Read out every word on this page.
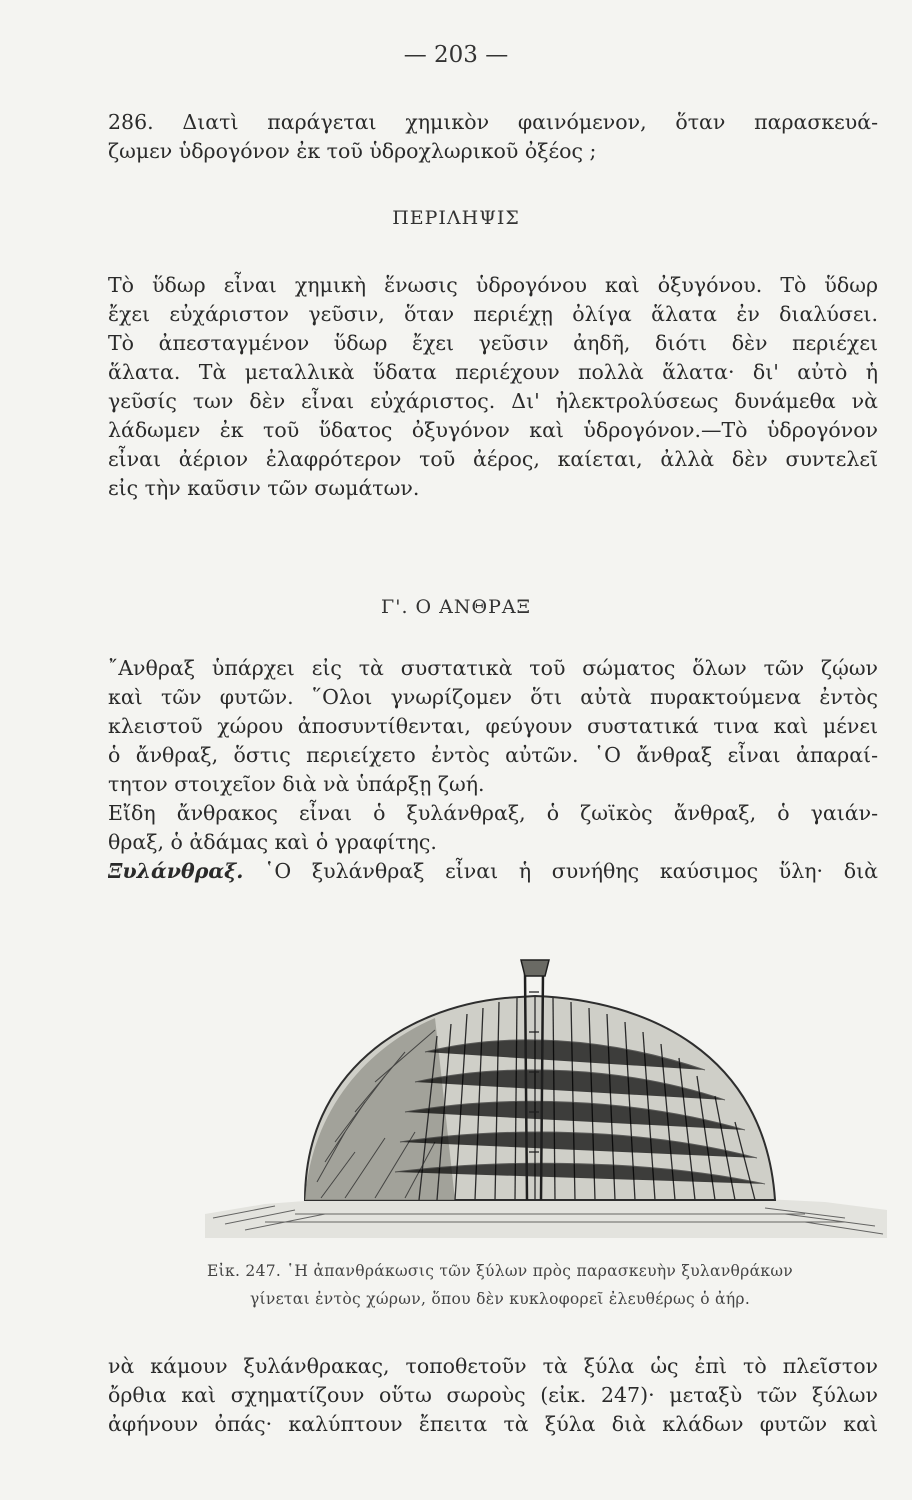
— 203 —
286. Διατὶ παράγεται χημικὸν φαινόμενον, ὅταν παρασκευά-
ζωμεν ὑδρογόνον ἐκ τοῦ ὑδροχλωρικοῦ ὀξέος ;
ΠΕΡΙΛΗΨΙΣ
Τὸ ὕδωρ εἶναι χημικὴ ἕνωσις ὑδρογόνου καὶ ὀξυγόνου. Τὸ ὕδωρ
ἔχει εὐχάριστον γεῦσιν, ὅταν περιέχῃ ὀλίγα ἅλατα ἐν διαλύσει.
Τὸ ἀπεσταγμένον ὕδωρ ἔχει γεῦσιν ἀηδῆ, διότι δὲν περιέχει
ἅλατα. Τὰ μεταλλικὰ ὕδατα περιέχουν πολλὰ ἅλατα· δι' αὐτὸ ἡ
γεῦσίς των δὲν εἶναι εὐχάριστος. Δι' ἠλεκτρολύσεως δυνάμεθα νὰ
λάδωμεν ἐκ τοῦ ὕδατος ὀξυγόνον καὶ ὑδρογόνον.—Τὸ ὑδρογόνον
εἶναι ἀέριον ἐλαφρότερον τοῦ ἀέρος, καίεται, ἀλλὰ δὲν συντελεῖ
εἰς τὴν καῦσιν τῶν σωμάτων.
Γ'. Ο ΑΝΘΡΑΞ
῎Ανθραξ ὑπάρχει εἰς τὰ συστατικὰ τοῦ σώματος ὅλων τῶν ζῴων
καὶ τῶν φυτῶν. ῞Ολοι γνωρίζομεν ὅτι αὐτὰ πυρακτούμενα ἐντὸς
κλειστοῦ χώρου ἀποσυντίθενται, φεύγουν συστατικά τινα καὶ μένει
ὁ ἄνθραξ, ὅστις περιείχετο ἐντὸς αὐτῶν. ῾Ο ἄνθραξ εἶναι ἀπαραί-
τητον στοιχεῖον διὰ νὰ ὑπάρξῃ ζωή.
Εἴδη ἄνθρακος εἶναι ὁ ξυλάνθραξ, ὁ ζωϊκὸς ἄνθραξ, ὁ γαιάν-
θραξ, ὁ ἀδάμας καὶ ὁ γραφίτης.
Ξυλάνθραξ. ῾Ο ξυλάνθραξ εἶναι ἡ συνήθης καύσιμος ὕλη· διὰ
Εἰκ. 247. ῾Η ἀπανθράκωσις τῶν ξύλων πρὸς παρασκευὴν ξυλανθράκων
γίνεται ἐντὸς χώρων, ὅπου δὲν κυκλοφορεῖ ἐλευθέρως ὁ ἀήρ.
νὰ κάμουν ξυλάνθρακας, τοποθετοῦν τὰ ξύλα ὡς ἐπὶ τὸ πλεῖστον
ὄρθια καὶ σχηματίζουν οὕτω σωροὺς (εἰκ. 247)· μεταξὺ τῶν ξύλων
ἀφήνουν ὀπάς· καλύπτουν ἔπειτα τὰ ξύλα διὰ κλάδων φυτῶν καὶ
